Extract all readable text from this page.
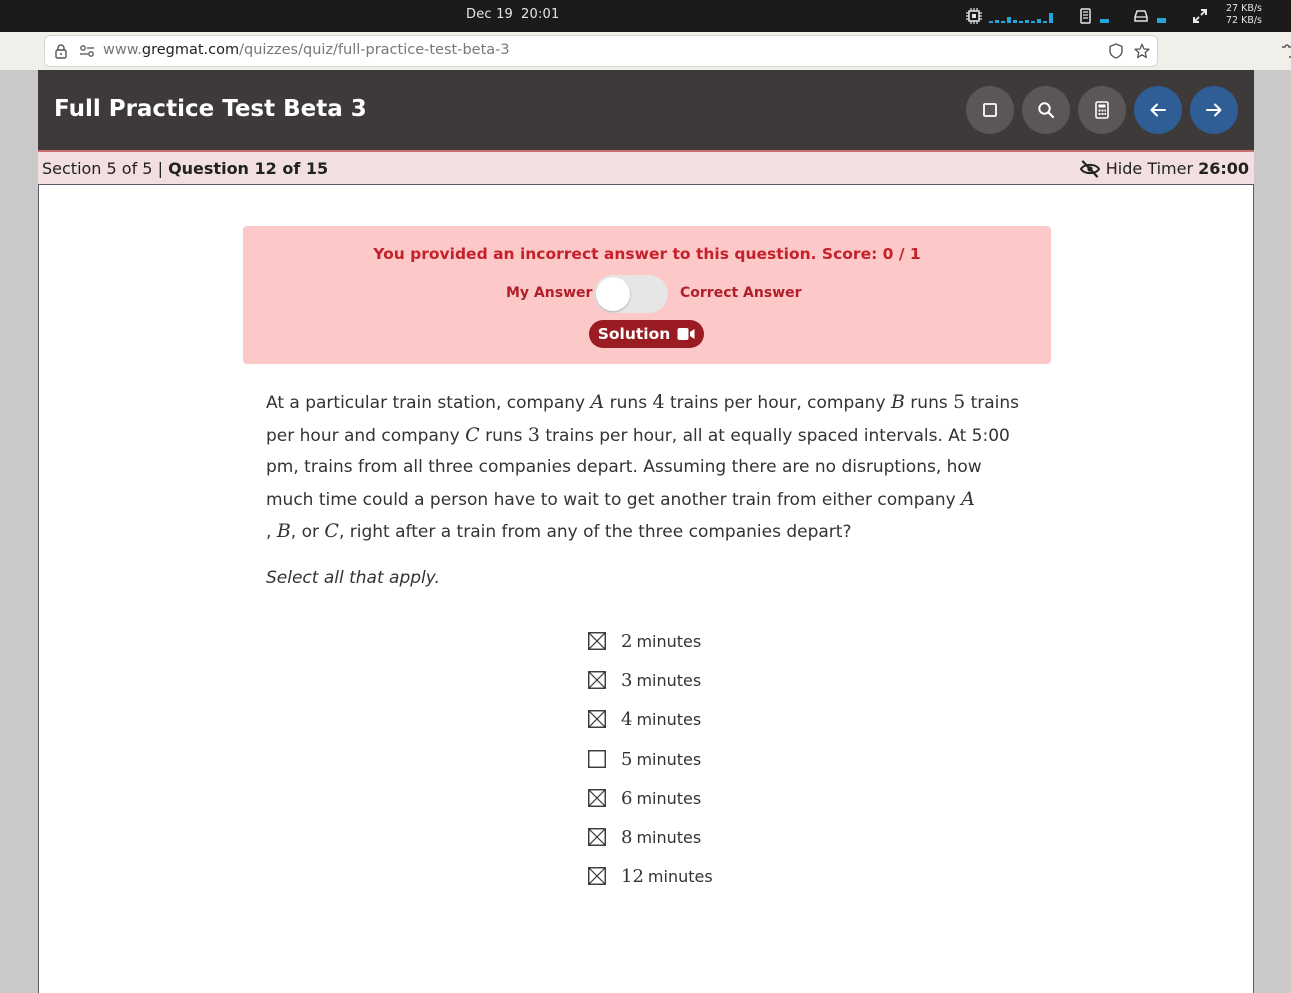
Dec 19 20:01	27 KB/s
72 KB/s
www.gregmat.com/quizzes/quiz/full-practice-test-beta-3
Full Practice Test Beta 3
Section 5 of 5 | Question 12 of 15	Hide Timer 26:00
You provided an incorrect answer to this question. Score: 0 / 1
My Answer	Correct Answer
Solution

At a particular train station, company A runs 4 trains per hour, company B runs 5 trains per hour and company C runs 3 trains per hour, all at equally spaced intervals. At 5:00 pm, trains from all three companies depart. Assuming there are no disruptions, how much time could a person have to wait to get another train from either company A
, B, or C, right after a train from any of the three companies depart?

Select all that apply.

2 minutes
3 minutes
4 minutes
5 minutes
6 minutes
8 minutes
12 minutes
